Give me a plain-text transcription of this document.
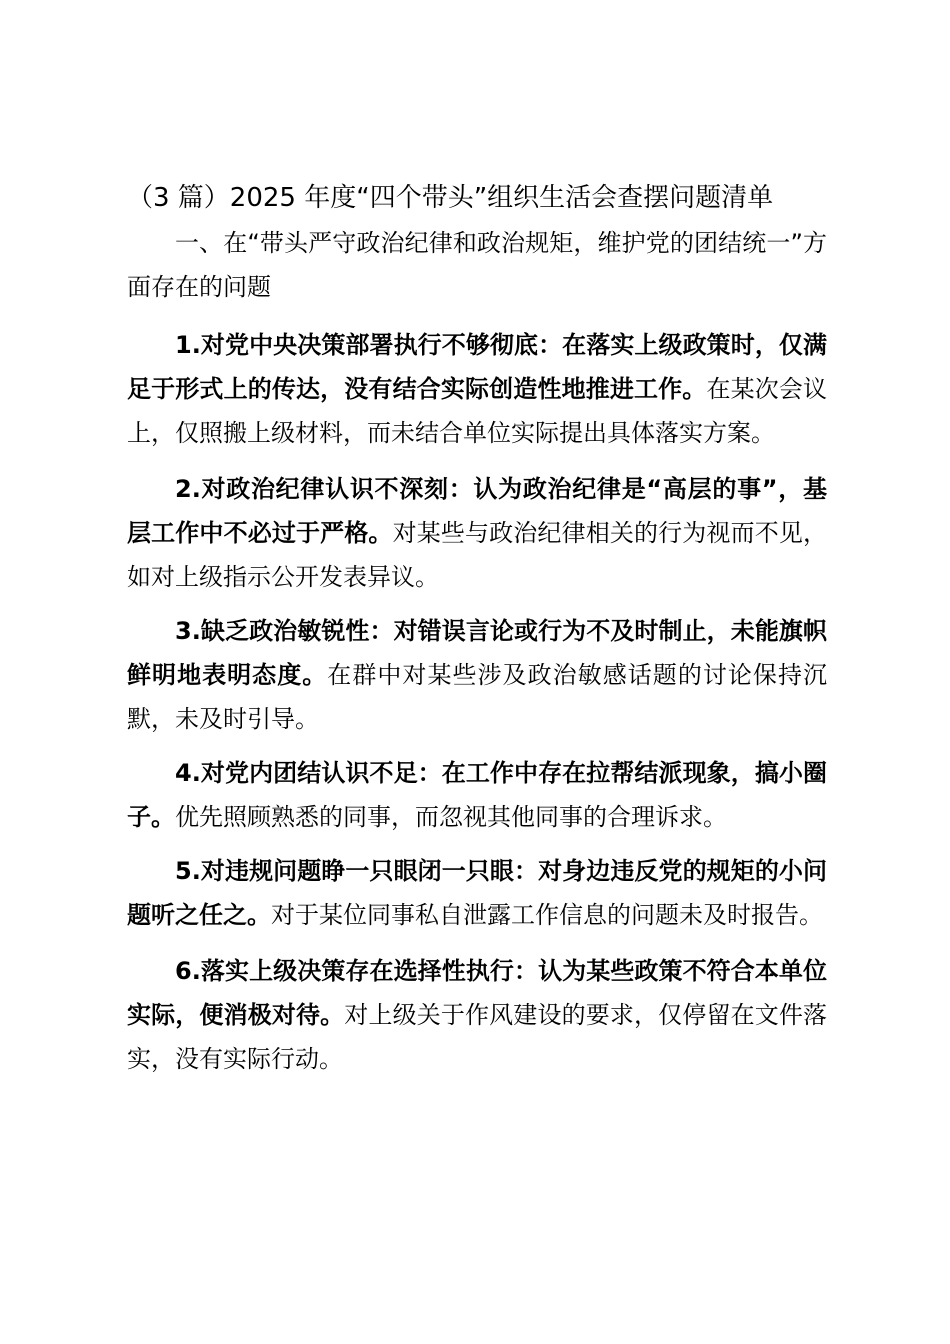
（3 篇）2025 年度“四个带头”组织生活会查摆问题清单

一、在“带头严守政治纪律和政治规矩，维护党的团结统一”方面存在的问题

1.对党中央决策部署执行不够彻底：在落实上级政策时，仅满足于形式上的传达，没有结合实际创造性地推进工作。在某次会议上，仅照搬上级材料，而未结合单位实际提出具体落实方案。

2.对政治纪律认识不深刻：认为政治纪律是“高层的事”，基层工作中不必过于严格。对某些与政治纪律相关的行为视而不见，如对上级指示公开发表异议。

3.缺乏政治敏锐性：对错误言论或行为不及时制止，未能旗帜鲜明地表明态度。在群中对某些涉及政治敏感话题的讨论保持沉默，未及时引导。

4.对党内团结认识不足：在工作中存在拉帮结派现象，搞小圈子。优先照顾熟悉的同事，而忽视其他同事的合理诉求。

5.对违规问题睁一只眼闭一只眼：对身边违反党的规矩的小问题听之任之。对于某位同事私自泄露工作信息的问题未及时报告。

6.落实上级决策存在选择性执行：认为某些政策不符合本单位实际，便消极对待。对上级关于作风建设的要求，仅停留在文件落实，没有实际行动。
